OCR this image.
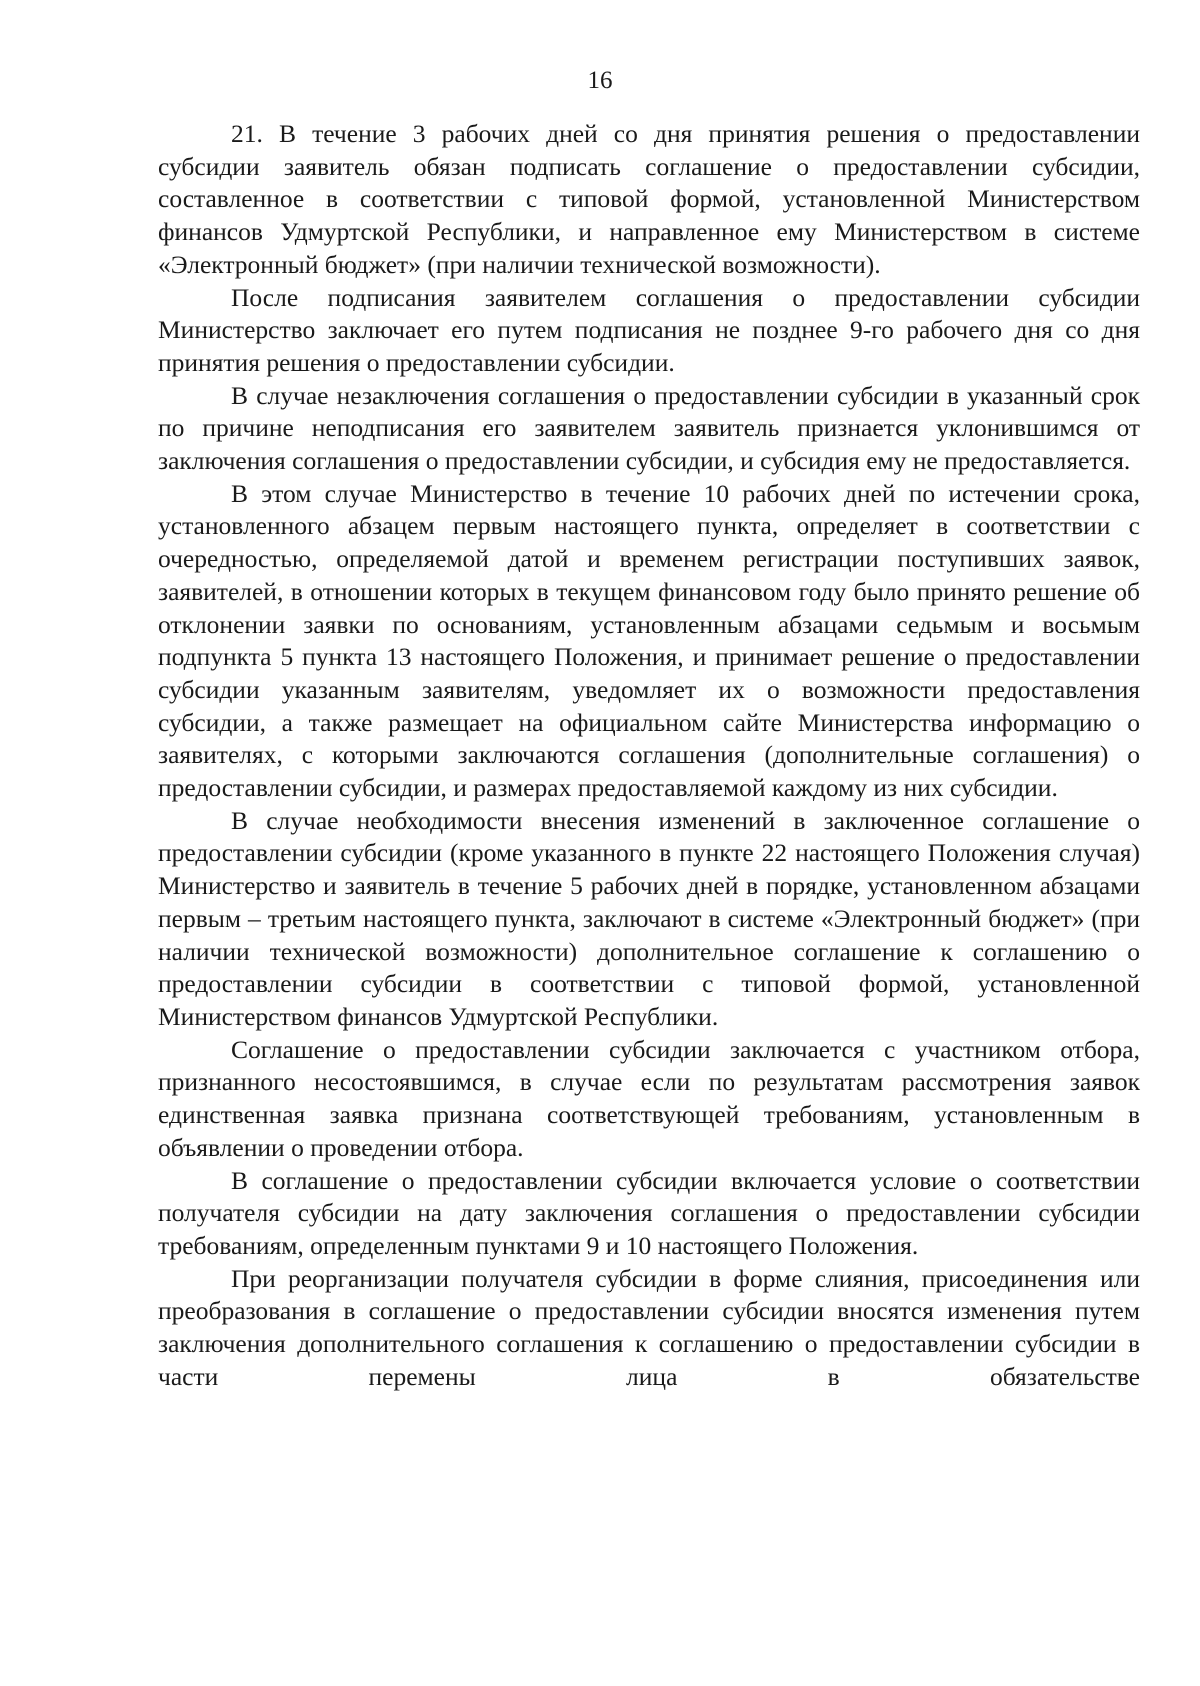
16

21. В течение 3 рабочих дней со дня принятия решения о предоставлении субсидии заявитель обязан подписать соглашение о предоставлении субсидии, составленное в соответствии с типовой формой, установленной Министерством финансов Удмуртской Республики, и направленное ему Министерством в системе «Электронный бюджет» (при наличии технической возможности).

После подписания заявителем соглашения о предоставлении субсидии Министерство заключает его путем подписания не позднее 9-го рабочего дня со дня принятия решения о предоставлении субсидии.

В случае незаключения соглашения о предоставлении субсидии в указанный срок по причине неподписания его заявителем заявитель признается уклонившимся от заключения соглашения о предоставлении субсидии, и субсидия ему не предоставляется.

В этом случае Министерство в течение 10 рабочих дней по истечении срока, установленного абзацем первым настоящего пункта, определяет в соответствии с очередностью, определяемой датой и временем регистрации поступивших заявок, заявителей, в отношении которых в текущем финансовом году было принято решение об отклонении заявки по основаниям, установленным абзацами седьмым и восьмым подпункта 5 пункта 13 настоящего Положения, и принимает решение о предоставлении субсидии указанным заявителям, уведомляет их о возможности предоставления субсидии, а также размещает на официальном сайте Министерства информацию о заявителях, с которыми заключаются соглашения (дополнительные соглашения) о предоставлении субсидии, и размерах предоставляемой каждому из них субсидии.

В случае необходимости внесения изменений в заключенное соглашение о предоставлении субсидии (кроме указанного в пункте 22 настоящего Положения случая) Министерство и заявитель в течение 5 рабочих дней в порядке, установленном абзацами первым – третьим настоящего пункта, заключают в системе «Электронный бюджет» (при наличии технической возможности) дополнительное соглашение к соглашению о предоставлении субсидии в соответствии с типовой формой, установленной Министерством финансов Удмуртской Республики.

Соглашение о предоставлении субсидии заключается с участником отбора, признанного несостоявшимся, в случае если по результатам рассмотрения заявок единственная заявка признана соответствующей требованиям, установленным в объявлении о проведении отбора.

В соглашение о предоставлении субсидии включается условие о соответствии получателя субсидии на дату заключения соглашения о предоставлении субсидии требованиям, определенным пунктами 9 и 10 настоящего Положения.

При реорганизации получателя субсидии в форме слияния, присоединения или преобразования в соглашение о предоставлении субсидии вносятся изменения путем заключения дополнительного соглашения к соглашению о предоставлении субсидии в части перемены лица в обязательстве
